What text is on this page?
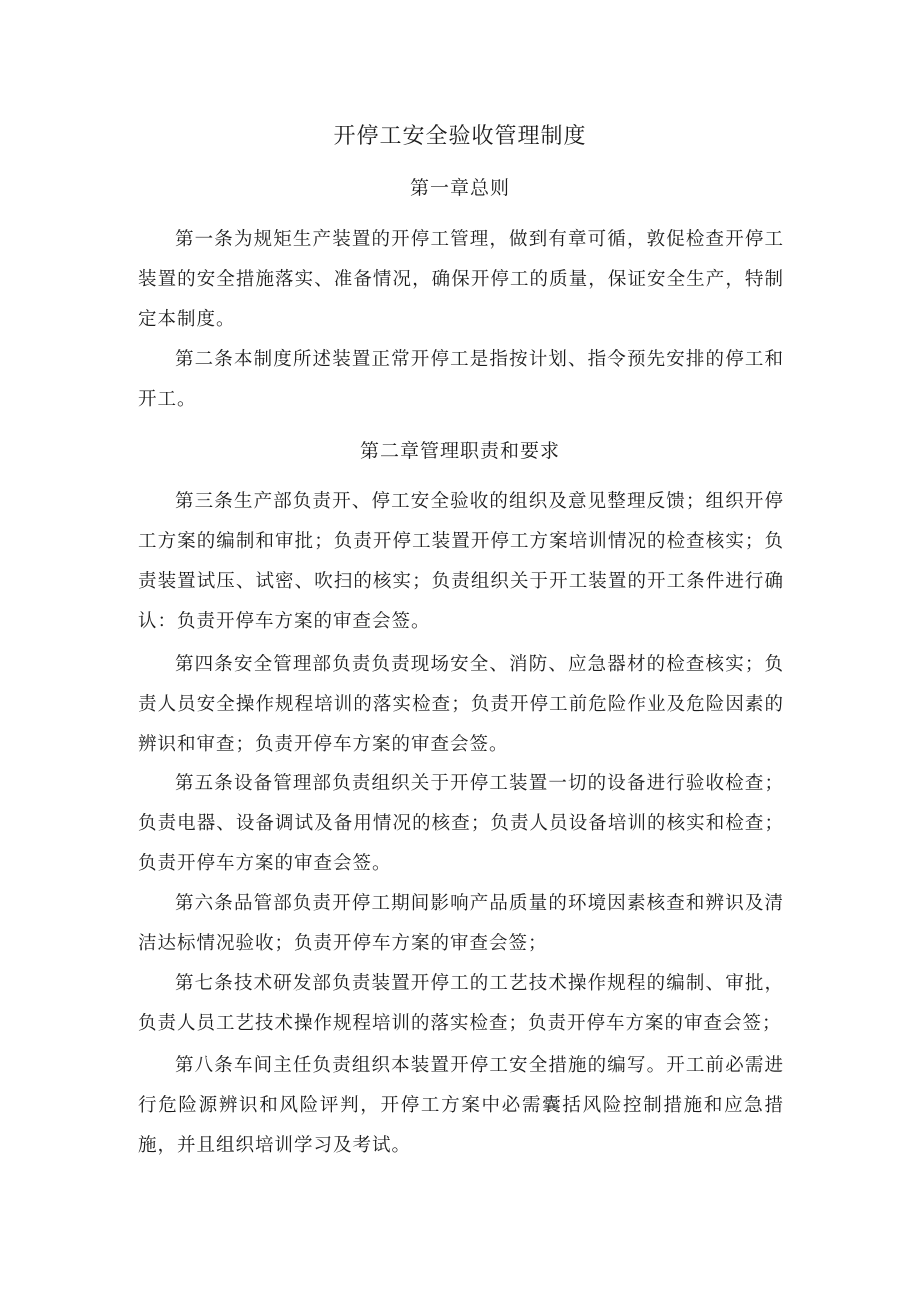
开停工安全验收管理制度
第一章总则

第一条为规矩生产装置的开停工管理，做到有章可循，敦促检查开停工装置的安全措施落实、准备情况，确保开停工的质量，保证安全生产，特制定本制度。

第二条本制度所述装置正常开停工是指按计划、指令预先安排的停工和开工。

第二章管理职责和要求

第三条生产部负责开、停工安全验收的组织及意见整理反馈；组织开停工方案的编制和审批；负责开停工装置开停工方案培训情况的检查核实；负责装置试压、试密、吹扫的核实；负责组织关于开工装置的开工条件进行确认：负责开停车方案的审查会签。

第四条安全管理部负责负责现场安全、消防、应急器材的检查核实；负责人员安全操作规程培训的落实检查；负责开停工前危险作业及危险因素的辨识和审查；负责开停车方案的审查会签。

第五条设备管理部负责组织关于开停工装置一切的设备进行验收检查；负责电器、设备调试及备用情况的核查；负责人员设备培训的核实和检查；负责开停车方案的审查会签。

第六条品管部负责开停工期间影响产品质量的环境因素核查和辨识及清洁达标情况验收；负责开停车方案的审查会签；

第七条技术研发部负责装置开停工的工艺技术操作规程的编制、审批，负责人员工艺技术操作规程培训的落实检查；负责开停车方案的审查会签；

第八条车间主任负责组织本装置开停工安全措施的编写。开工前必需进行危险源辨识和风险评判，开停工方案中必需囊括风险控制措施和应急措施，并且组织培训学习及考试。
